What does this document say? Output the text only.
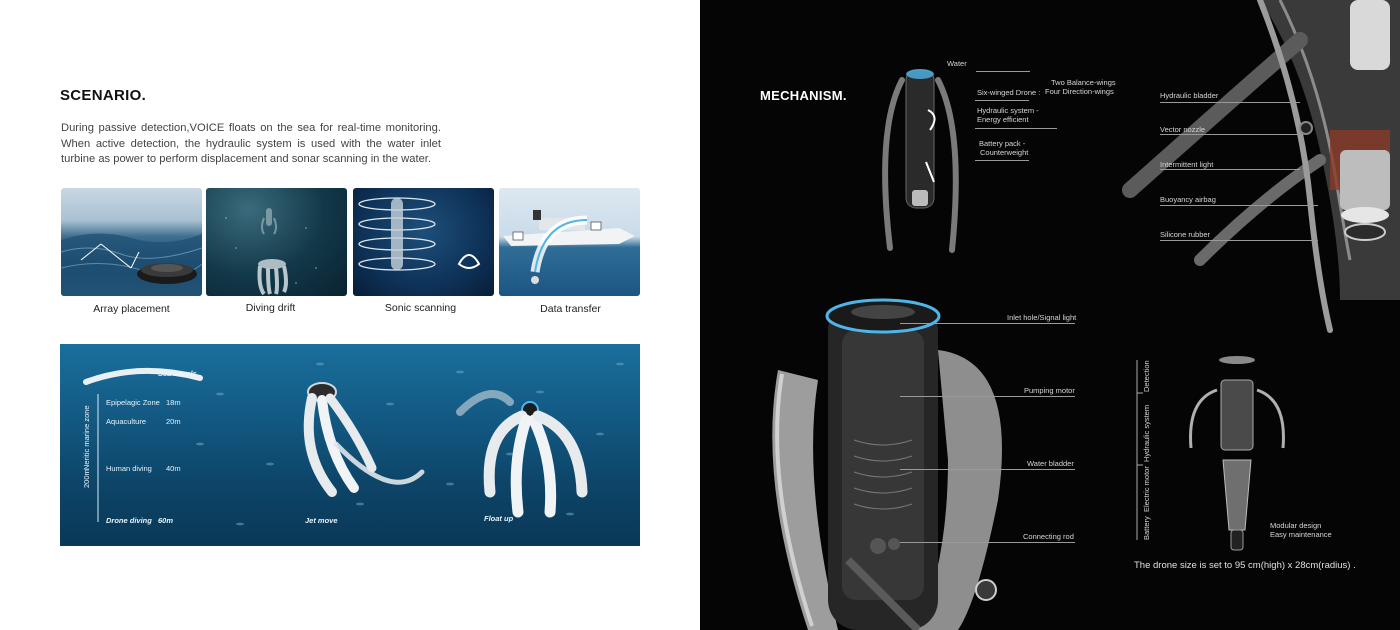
SCENARIO.
During passive detection,VOICE floats on the sea for real-time monitoring. When active detection, the hydraulic system is used with the water inlet turbine as power to perform displacement and sonar scanning in the water.
Array placement	Diving drift	Sonic scanning	Data transfer
Sea Levels
Epipelagic Zone 18m
Aquaculture	20m
Human diving 40m
Drone diving 60m
200m
Neritic marine zone
Jet move	Float up
MECHANISM.
Water
Six-winged Drone :
Two Balance-wings
Four Direction-wings
Hydraulic system -
Energy efficient
Battery pack -
Counterweight
Hydraulic bladder
Vector nozzle
Intermittent light
Buoyancy airbag
Silicone rubber
Inlet hole/Signal light
Pumping motor
Water bladder
Connecting rod
Detection
Hydraulic system
Electric motor
Battery	Modular design
Easy maintenance
The drone size is set to 95 cm(high) x 28cm(radius) .
